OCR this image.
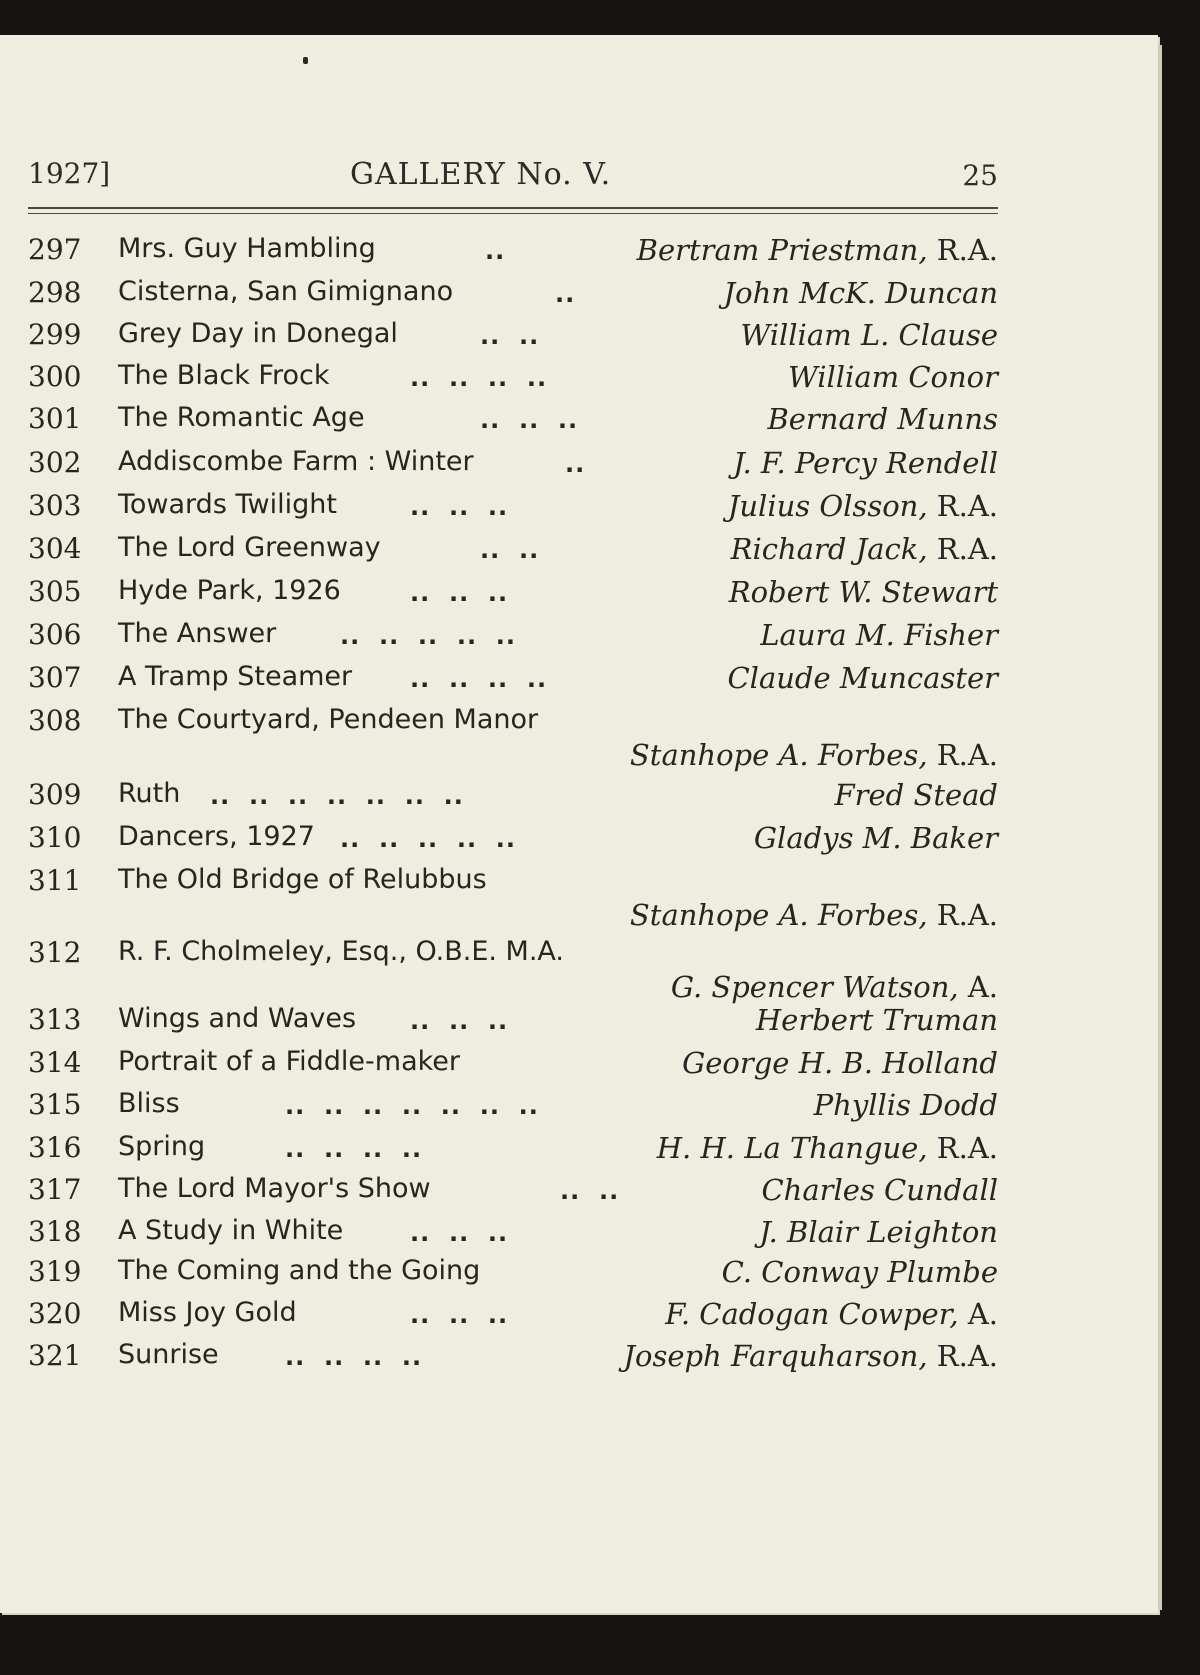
1927]	GALLERY No. V.	25
297 Mrs. Guy Hambling	..	Bertram Priestman, R.A.
298 Cisterna, San Gimignano	..	John McK. Duncan
299 Grey Day in Donegal	..  ..	William L. Clause
300 The Black Frock	..  ..  ..  ..	William Conor
301 The Romantic Age	..  ..  ..	Bernard Munns
302 Addiscombe Farm : Winter	..	J. F. Percy Rendell
303 Towards Twilight	..  ..  ..	Julius Olsson, R.A.
304 The Lord Greenway	..  ..	Richard Jack, R.A.
305 Hyde Park, 1926	..  ..  ..	Robert W. Stewart
306 The Answer	..  ..  ..  ..  ..	Laura M. Fisher
307 A Tramp Steamer ..  ..  ..  ..	Claude Muncaster
308 The Courtyard, Pendeen Manor
Stanhope A. Forbes, R.A.
309 Ruth ..  ..  ..  ..  ..  ..  ..	Fred Stead
310 Dancers, 1927 ..  ..  ..  ..  ..	Gladys M. Baker
311 The Old Bridge of Relubbus
Stanhope A. Forbes, R.A.
312 R. F. Cholmeley, Esq., O.B.E. M.A.
G. Spencer Watson, A.
313 Wings and Waves ..  ..  ..	Herbert Truman
314 Portrait of a Fiddle-maker	George H. B. Holland
315 Bliss	..  ..  ..  ..  ..  ..  ..	Phyllis Dodd
316 Spring	..  ..  ..  ..	H. H. La Thangue, R.A.
317 The Lord Mayor's Show	..  ..	Charles Cundall
318 A Study in White	..  ..  ..	J. Blair Leighton
319 The Coming and the Going	C. Conway Plumbe
320 Miss Joy Gold	..  ..  ..	F. Cadogan Cowper, A.
321 Sunrise	..  ..  ..  ..	Joseph Farquharson, R.A.
